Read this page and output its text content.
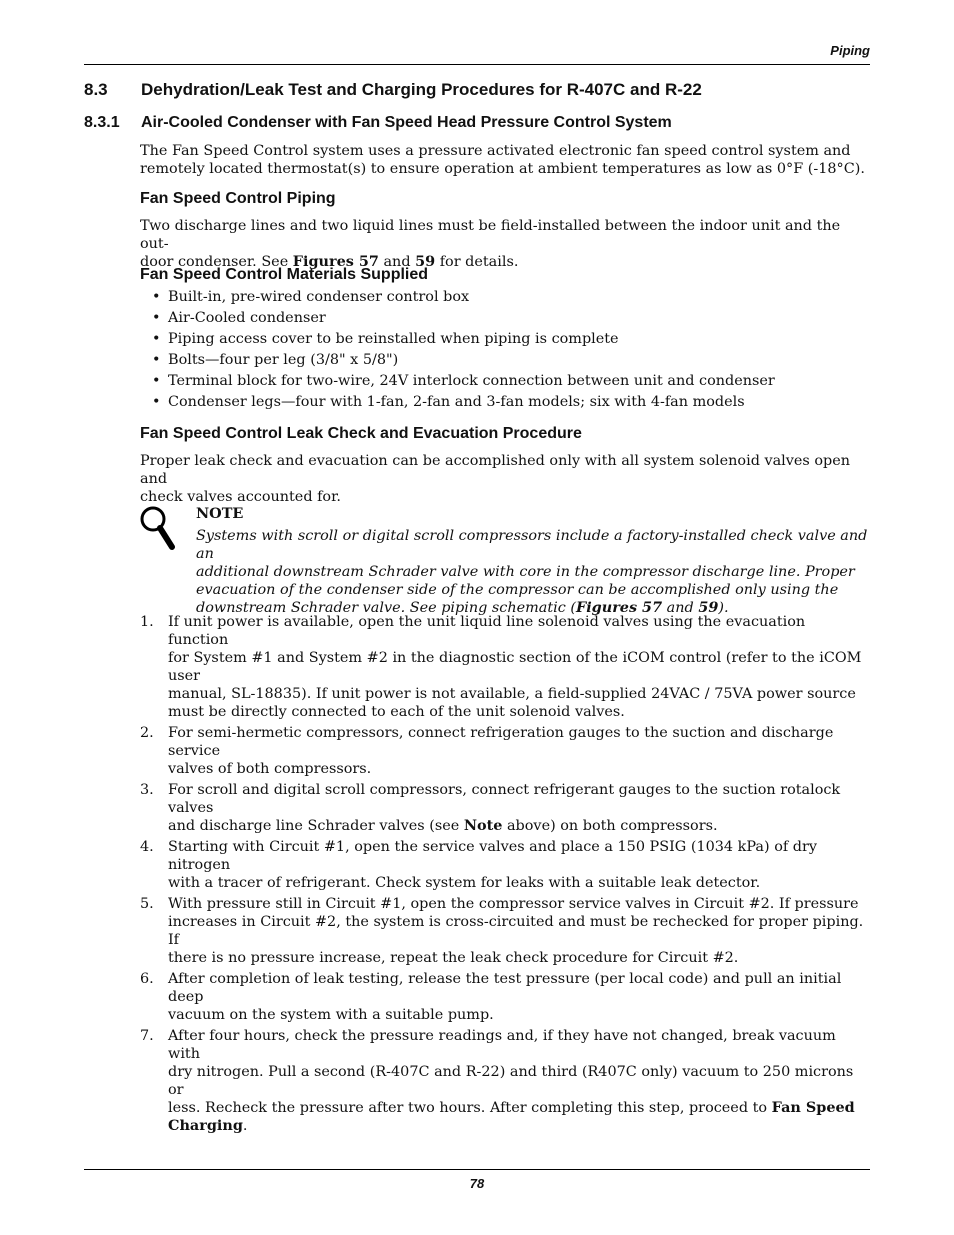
Piping
8.3 Dehydration/Leak Test and Charging Procedures for R-407C and R-22
8.3.1 Air-Cooled Condenser with Fan Speed Head Pressure Control System
The Fan Speed Control system uses a pressure activated electronic fan speed control system and
remotely located thermostat(s) to ensure operation at ambient temperatures as low as 0°F (-18°C).
Fan Speed Control Piping
Two discharge lines and two liquid lines must be field-installed between the indoor unit and the out-
door condenser. See Figures 57 and 59 for details.
Fan Speed Control Materials Supplied
• Built-in, pre-wired condenser control box
• Air-Cooled condenser
• Piping access cover to be reinstalled when piping is complete
• Bolts—four per leg (3/8" x 5/8")
• Terminal block for two-wire, 24V interlock connection between unit and condenser
• Condenser legs—four with 1-fan, 2-fan and 3-fan models; six with 4-fan models
Fan Speed Control Leak Check and Evacuation Procedure
Proper leak check and evacuation can be accomplished only with all system solenoid valves open and
check valves accounted for.
NOTE
Systems with scroll or digital scroll compressors include a factory-installed check valve and an
additional downstream Schrader valve with core in the compressor discharge line. Proper
evacuation of the condenser side of the compressor can be accomplished only using the
downstream Schrader valve. See piping schematic (Figures 57 and 59).
1. If unit power is available, open the unit liquid line solenoid valves using the evacuation function
for System #1 and System #2 in the diagnostic section of the iCOM control (refer to the iCOM user
manual, SL-18835). If unit power is not available, a field-supplied 24VAC / 75VA power source
must be directly connected to each of the unit solenoid valves.
2. For semi-hermetic compressors, connect refrigeration gauges to the suction and discharge service
valves of both compressors.
3. For scroll and digital scroll compressors, connect refrigerant gauges to the suction rotalock valves
and discharge line Schrader valves (see Note above) on both compressors.
4. Starting with Circuit #1, open the service valves and place a 150 PSIG (1034 kPa) of dry nitrogen
with a tracer of refrigerant. Check system for leaks with a suitable leak detector.
5. With pressure still in Circuit #1, open the compressor service valves in Circuit #2. If pressure
increases in Circuit #2, the system is cross-circuited and must be rechecked for proper piping. If
there is no pressure increase, repeat the leak check procedure for Circuit #2.
6. After completion of leak testing, release the test pressure (per local code) and pull an initial deep
vacuum on the system with a suitable pump.
7. After four hours, check the pressure readings and, if they have not changed, break vacuum with
dry nitrogen. Pull a second (R-407C and R-22) and third (R407C only) vacuum to 250 microns or
less. Recheck the pressure after two hours. After completing this step, proceed to Fan Speed
Charging.
78
